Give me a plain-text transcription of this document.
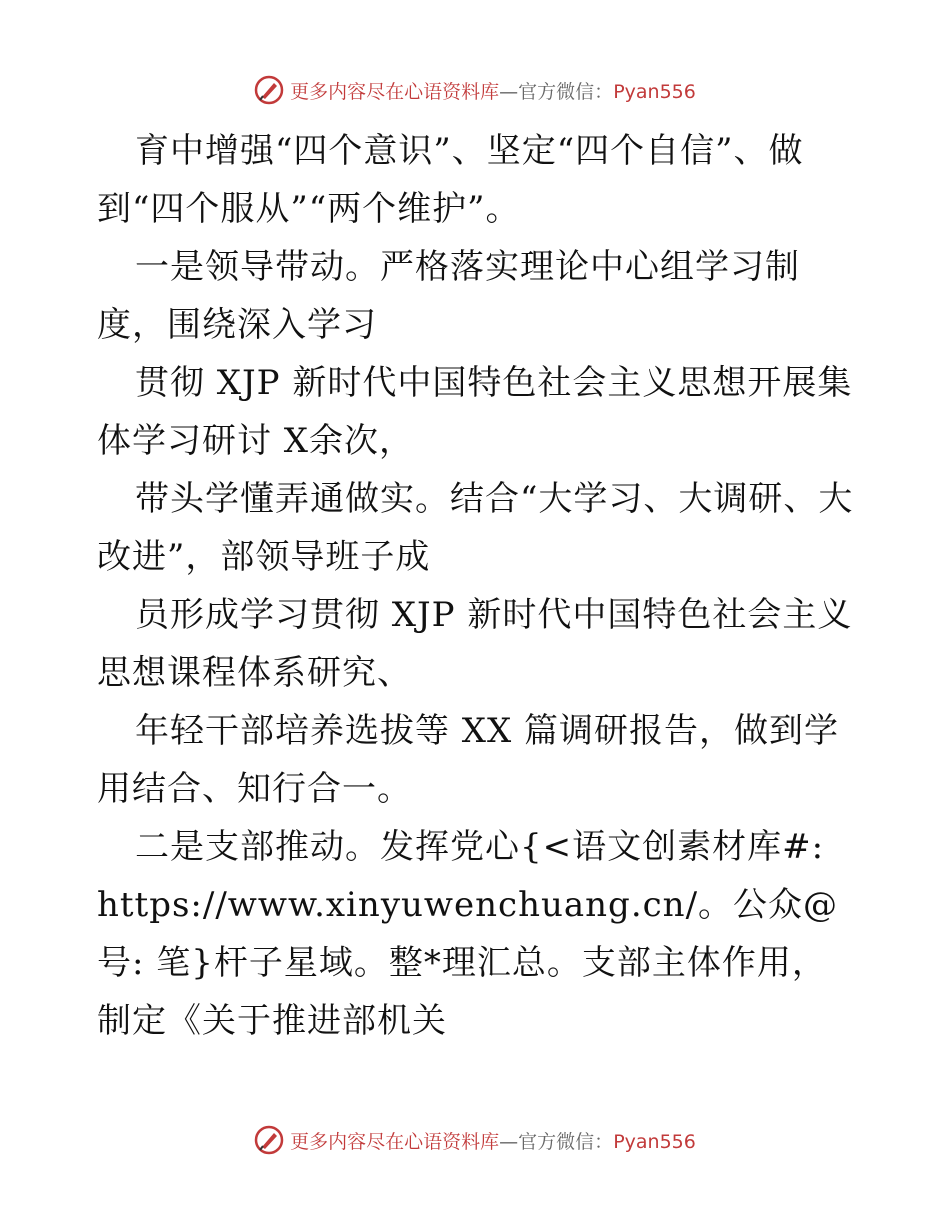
更多内容尽在心语资料库—官方微信：Pyan556

育中增强“四个意识”、坚定“四个自信”、做到“四个服从”“两个维护”。

一是领导带动。严格落实理论中心组学习制度，围绕深入学习

贯彻 XJP 新时代中国特色社会主义思想开展集体学习研讨 X余次，

带头学懂弄通做实。结合“大学习、大调研、大改进”，部领导班子成

员形成学习贯彻 XJP 新时代中国特色社会主义思想课程体系研究、

年轻干部培养选拔等 XX 篇调研报告，做到学用结合、知行合一。

二是支部推动。发挥党心{<语文创素材库#: https://www.xinyuwenchuang.cn/。公众@号: 笔}杆子星域。整*理汇总。支部主体作用，制定《关于推进部机关

更多内容尽在心语资料库—官方微信：Pyan556
